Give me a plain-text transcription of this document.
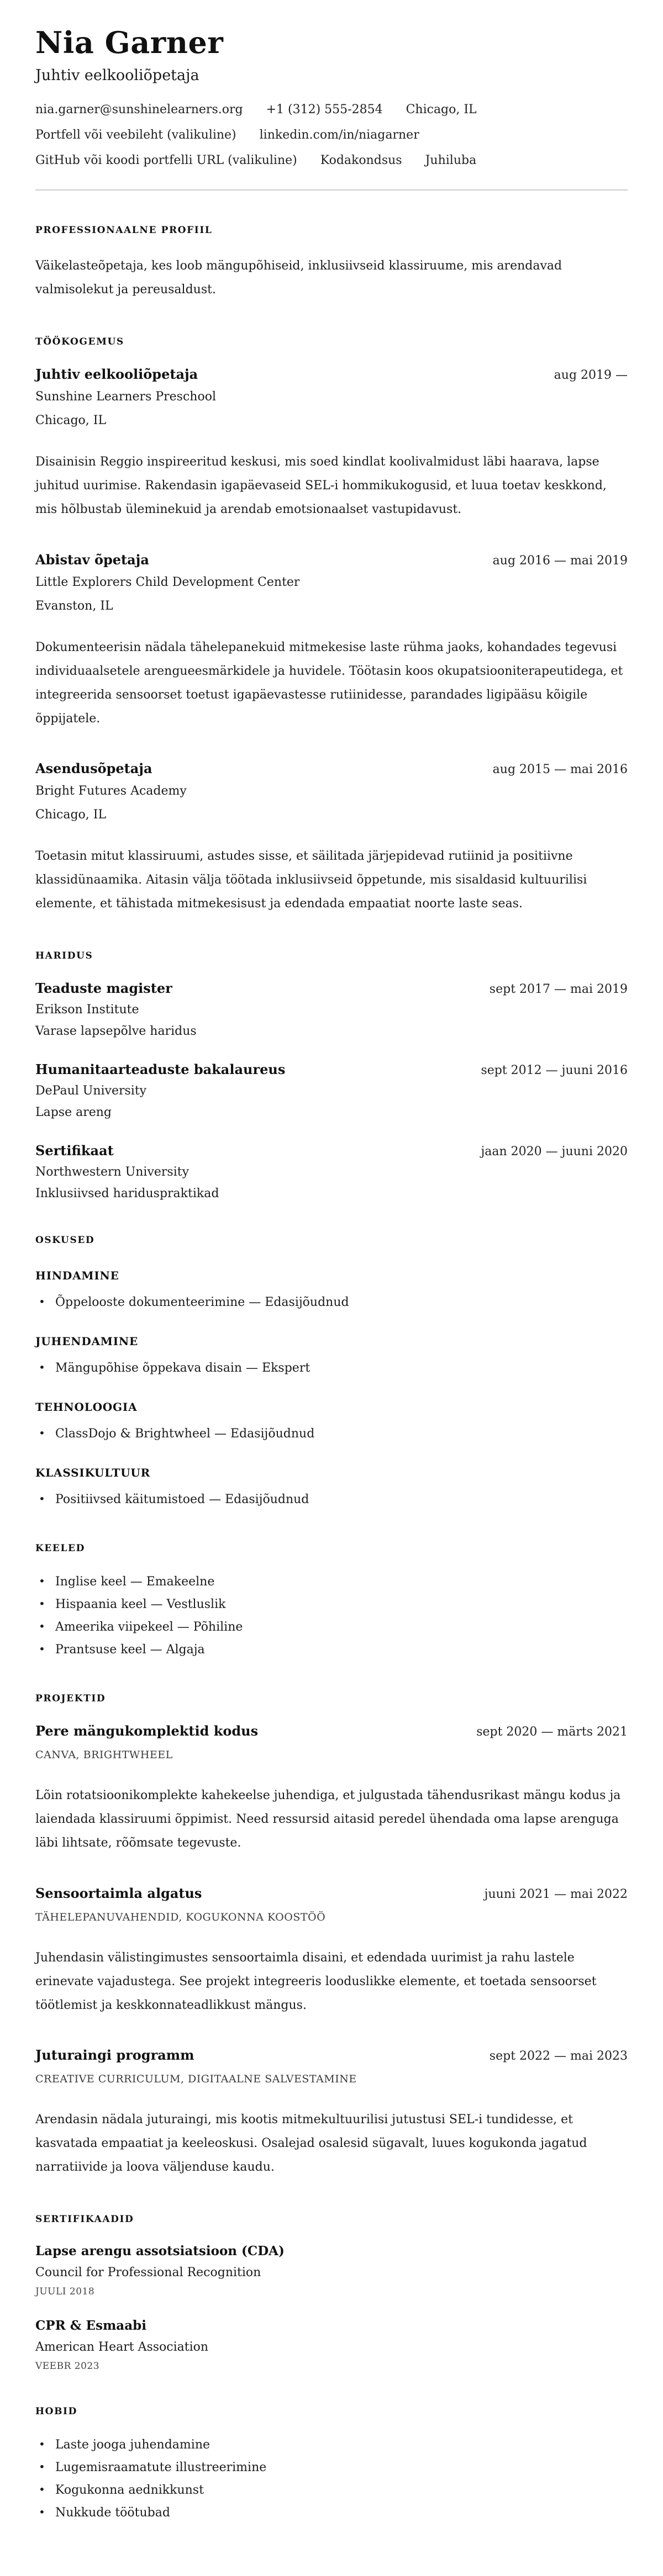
Nia Garner
Juhtiv eelkooliõpetaja
nia.garner@sunshinelearners.org +1 (312) 555-2854 Chicago, IL
Portfell või veebileht (valikuline) linkedin.com/in/niagarner
GitHub või koodi portfelli URL (valikuline) Kodakondsus Juhiluba
PROFESSIONAALNE PROFIIL

Väikelasteõpetaja, kes loob mängupõhiseid, inklusiivseid klassiruume, mis arendavad valmisolekut ja pereusaldust.

TÖÖKOGEMUS
Juhtiv eelkooliõpetaja	aug 2019 —
Sunshine Learners Preschool
Chicago, IL

Disainisin Reggio inspireeritud keskusi, mis soed kindlat koolivalmidust läbi haarava, lapse juhitud uurimise. Rakendasin igapäevaseid SEL-i hommikukogusid, et luua toetav keskkond, mis hõlbustab üleminekuid ja arendab emotsionaalset vastupidavust.

Abistav õpetaja	aug 2016 — mai 2019
Little Explorers Child Development Center
Evanston, IL

Dokumenteerisin nädala tähelepanekuid mitmekesise laste rühma jaoks, kohandades tegevusi individuaalsetele arengueesmärkidele ja huvidele. Töötasin koos okupatsiooniterapeutidega, et integreerida sensoorset toetust igapäevastesse rutiinidesse, parandades ligipääsu kõigile õppijatele.

Asendusõpetaja	aug 2015 — mai 2016
Bright Futures Academy
Chicago, IL

Toetasin mitut klassiruumi, astudes sisse, et säilitada järjepidevad rutiinid ja positiivne klassidünaamika. Aitasin välja töötada inklusiivseid õppetunde, mis sisaldasid kultuurilisi elemente, et tähistada mitmekesisust ja edendada empaatiat noorte laste seas.

HARIDUS
Teaduste magister	sept 2017 — mai 2019
Erikson Institute
Varase lapsepõlve haridus
Humanitaarteaduste bakalaureus	sept 2012 — juuni 2016
DePaul University
Lapse areng
Sertifikaat	jaan 2020 — juuni 2020
Northwestern University
Inklusiivsed hariduspraktikad
OSKUSED
HINDAMINE
• Õppelooste dokumenteerimine — Edasijõudnud
JUHENDAMINE
• Mängupõhise õppekava disain — Ekspert
TEHNOLOOGIA
• ClassDojo & Brightwheel — Edasijõudnud
KLASSIKULTUUR
• Positiivsed käitumistoed — Edasijõudnud
KEELED
• Inglise keel — Emakeelne
• Hispaania keel — Vestluslik
• Ameerika viipekeel — Põhiline
• Prantsuse keel — Algaja
PROJEKTID
Pere mängukomplektid kodus	sept 2020 — märts 2021
CANVA, BRIGHTWHEEL

Lõin rotatsioonikomplekte kahekeelse juhendiga, et julgustada tähendusrikast mängu kodus ja laiendada klassiruumi õppimist. Need ressursid aitasid peredel ühendada oma lapse arenguga läbi lihtsate, rõõmsate tegevuste.

Sensoortaimla algatus	juuni 2021 — mai 2022
TÄHELEPANUVAHENDID, KOGUKONNA KOOSTÖÖ

Juhendasin välistingimustes sensoortaimla disaini, et edendada uurimist ja rahu lastele erinevate vajadustega. See projekt integreeris looduslikke elemente, et toetada sensoorset töötlemist ja keskkonnateadlikkust mängus.

Juturaingi programm	sept 2022 — mai 2023
CREATIVE CURRICULUM, DIGITAALNE SALVESTAMINE

Arendasin nädala juturaingi, mis kootis mitmekultuurilisi jutustusi SEL-i tundidesse, et kasvatada empaatiat ja keeleoskusi. Osalejad osalesid sügavalt, luues kogukonda jagatud narratiivide ja loova väljenduse kaudu.

SERTIFIKAADID
Lapse arengu assotsiatsioon (CDA)
Council for Professional Recognition
JUULI 2018
CPR & Esmaabi
American Heart Association
VEEBR 2023
HOBID
• Laste jooga juhendamine
• Lugemisraamatute illustreerimine
• Kogukonna aednikkunst
• Nukkude töötubad
